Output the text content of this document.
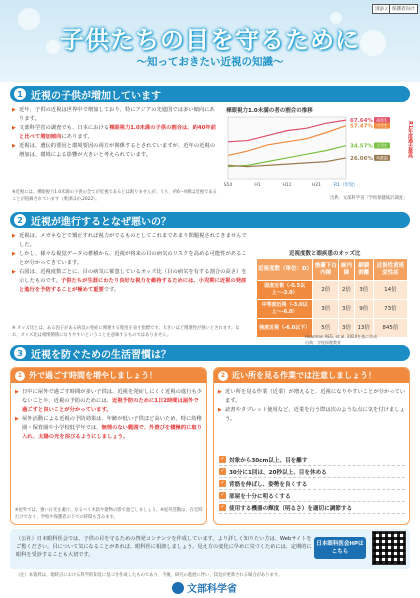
子供たちの目を守るために
〜知っておきたい近視の知識〜
別添２ 保護者向け
1 近視の子供が増加しています
▶ 近年、子供の近視は世界中で増加しており、特にアジアの先進国では多い傾向にあります。
▶ 文部科学省の調査でも、日本における裸眼視力1.0未満の子供の割合は、約40年前と比べて増加傾向にあります。
▶ 近視は、遺伝的要因と環境要因の両方が関係するとされていますが、近年の近視の増加は、環境による影響が大きいと考えられています。
※近視には、裸眼視力1.0未満の子供の全てが近視であるとは限りませんが、うち、約6〜9割は近視であることが指摘されています（奥津ほか,2022）。
裸眼視力1.0未満の者の割合の推移
67.64% 高校生
57.47% 中学生
34.57% 小学生
26.06% 幼稚園
S54	H1	H11	H21	R1（年度）
R1年度過去最高
出典：文部科学省「学校保健統計調査」
2 近視が進行するとなぜ悪いの？
▶ 近視は、メガネなどで矯正すれば視力がでるものとしてこれまであまり問題視されてきませんでした。
▶ しかし、様々な視覚データの蓄積から、近視が将来の目の病気のリスクを高める可能性があることが分かってきています。
▶ 右図は、近視度数ごとに、目の病気に罹患しているオッズ比（目の病気を有する割合の高さ）を示したものです。子供たちが生涯にわたり良好な視力を維持するためには、小児期に近視の発症と進行を予防することが極めて重要です。
※ オッズ比とは、ある因子がある病気の発症に関連する程度を表す指標です。大きいほど関連性が強いとされます。なお、オッズ比は相関関係になりやすいということを意味するものではありません。
近視度数と眼疾患のオッズ比
近視度数（単位：D）	後嚢下白内障	緑内障	網膜剥離	近視性黄斑変性症
弱度近視（-0.5以上〜-3.0）	2倍	2倍	3倍	14倍
中等度近視（-3.0以上〜-6.0）	3倍	3倍	9倍	73倍
強度近視（-6.0以下）	5倍	3倍	13倍	845倍
Haarman AEG, et al. 2020を基に作成
出典：学校保健教育
3 近視を防ぐための生活習慣は？
1 外で過ごす時間を増やしましょう！
▶ 日中に屋外で過ごす時間が多い子供は、近視を発症しにくく近視の進行も少ないことや、近視の予防のためには、近視予防のために1日2時間は屋外で過ごすと良いことが分かっています。
▶ 屋外活動による近視の予防効果は、年齢が低い子供ほど高いため、特に幼稚園・保育園や小学校低学年では、無理のない範囲で、外遊びを積極的に取り入れ、太陽の光を浴びるようにしましょう。
※屋外では、強い日光を避け、なるべく木陰や建物の影で過ごしましょう。※屋外活動は、在宅時だけでなく、学校や保護者の下での時間も含みます。
2 近い所を見る作業では注意しましょう！
▶ 近い所を見る作業（近業）が増えると、近視になりやすいことが分かっています。
▶ 読書やタブレット使用など、近業を行う際は次のような点に気を付けましょう。
✓ 対象から30cm以上、目を離す
✓ 30分に1回は、20秒以上、目を休める
✓ 背筋を伸ばし、姿勢を良くする
✓ 部屋を十分に明るくする
✓ 使用する機器の輝度（明るさ）を適切に調節する
（公社）日本眼科医会では、子供の目を守るための啓発コンテンツを作成しています。より詳しく知りたい方は、Webサイトをご覧ください。目について気になることがあれば、眼科医に相談しましょう。見え方の変化に早めに気づくためには、定期的に眼科を受診することも大切です。
日本眼科医会HPはこちら
（注）本資料は、現時点における科学的知見に基づき作成したものであり、今後、研究の進展に伴い、知見が更新される場合があります。
文部科学省
